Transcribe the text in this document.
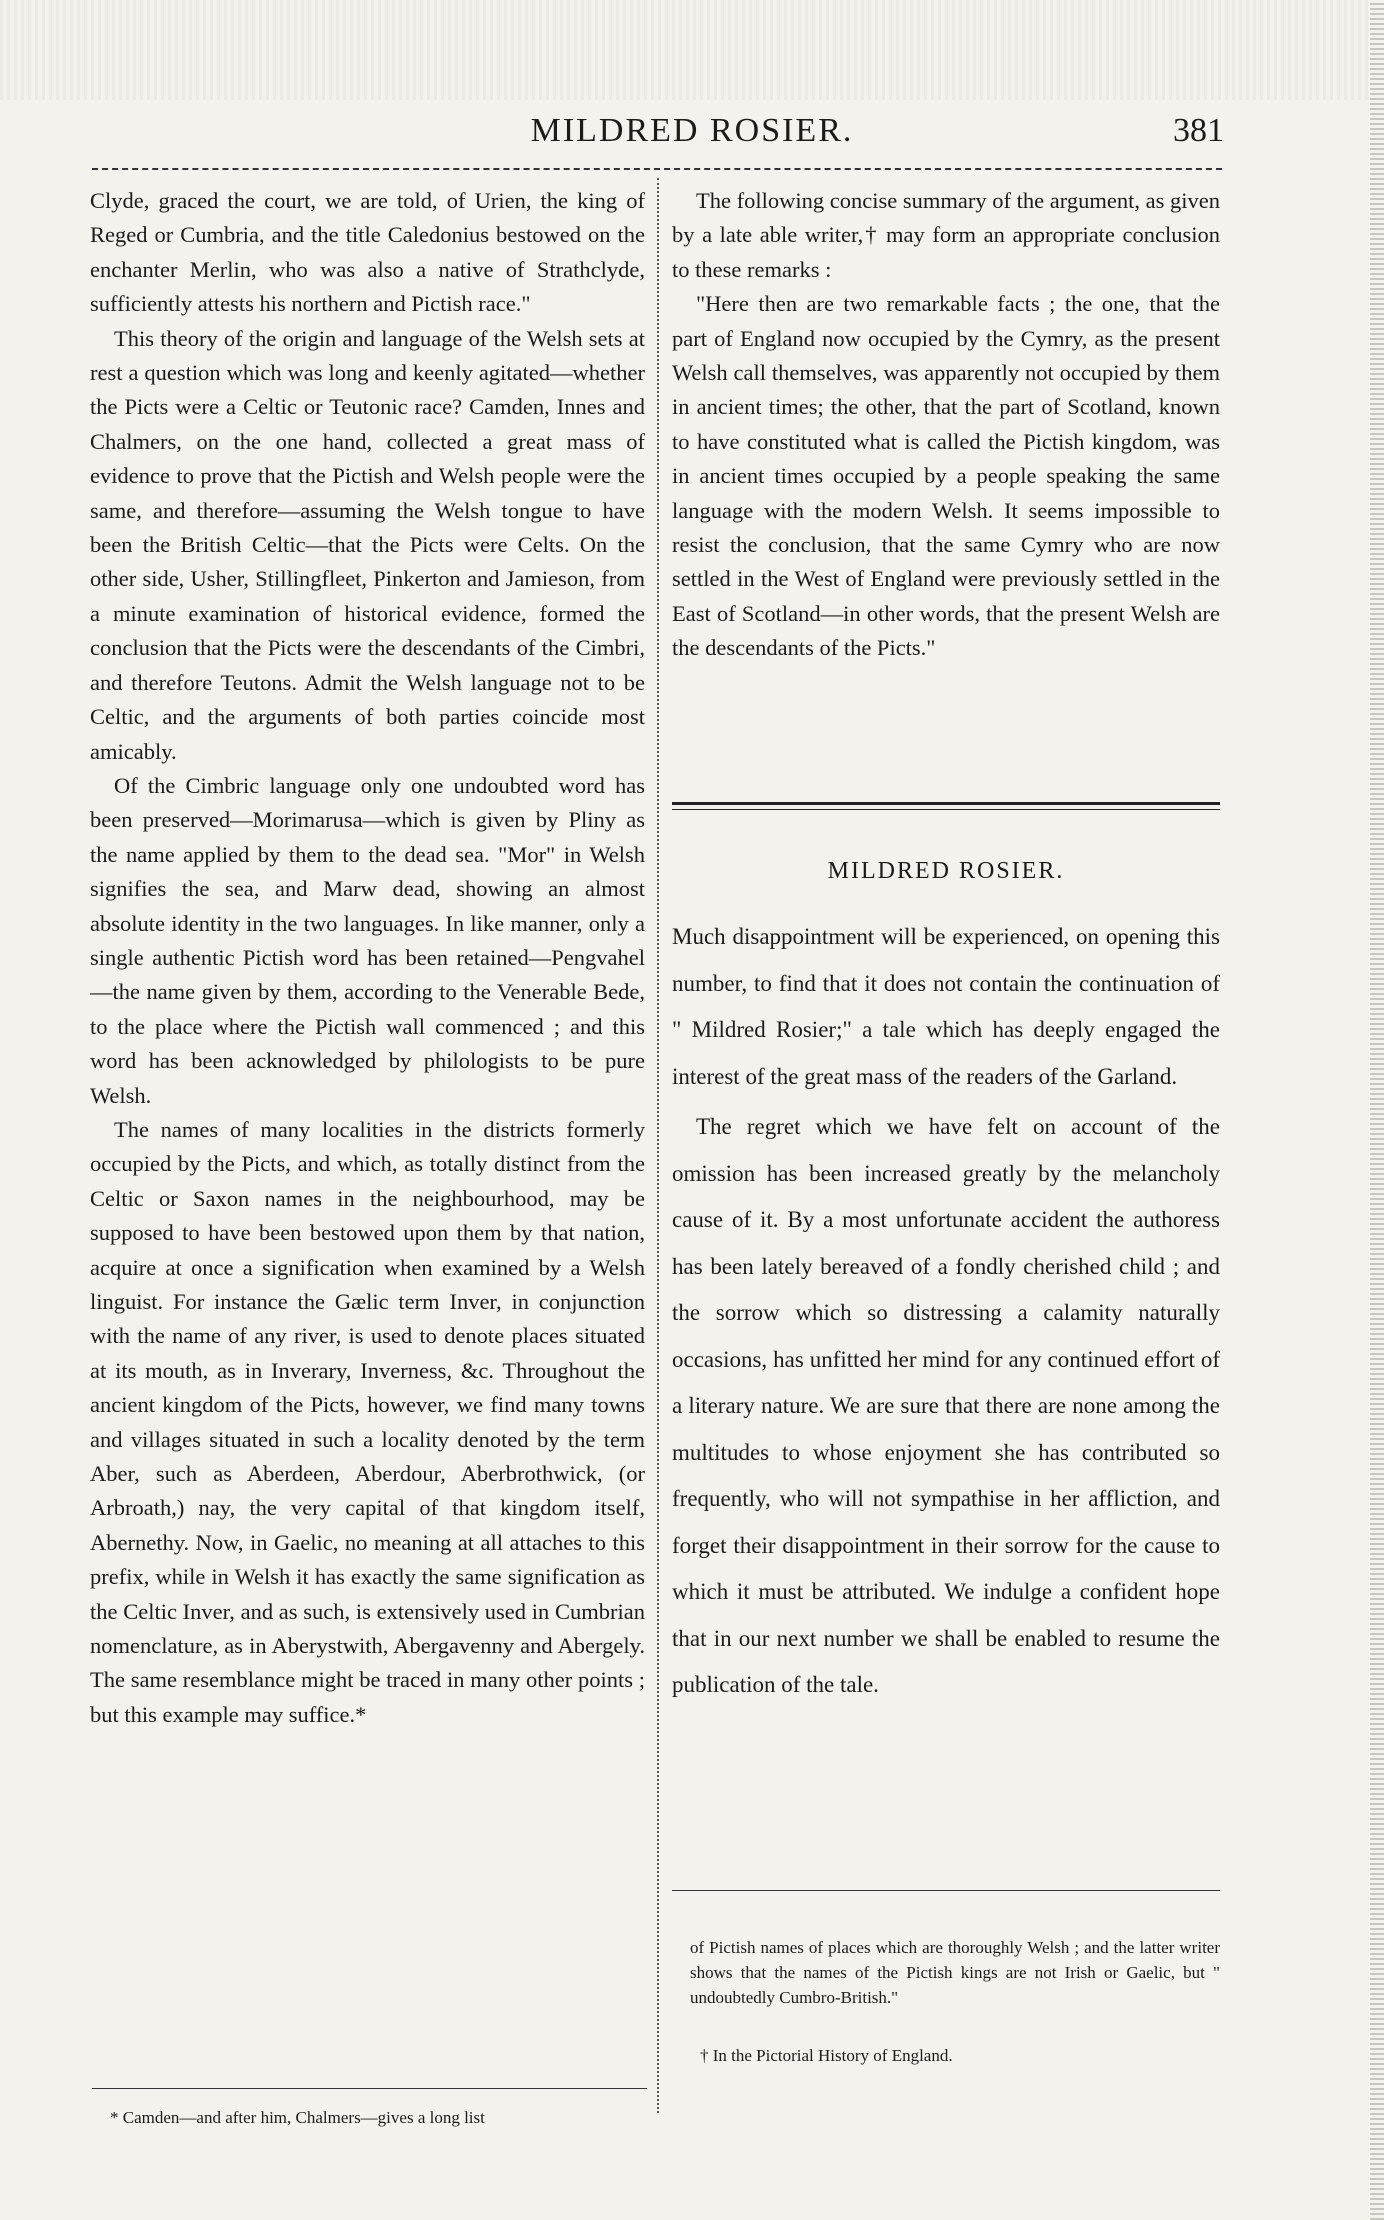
MILDRED ROSIER.	381

Clyde, graced the court, we are told, of Urien, the king of Reged or Cumbria, and the title Caledonius bestowed on the enchanter Merlin, who was also a native of Strathclyde, sufficiently attests his northern and Pictish race."

This theory of the origin and language of the Welsh sets at rest a question which was long and keenly agitated—whether the Picts were a Celtic or Teutonic race? Camden, Innes and Chalmers, on the one hand, collected a great mass of evidence to prove that the Pictish and Welsh people were the same, and therefore—assuming the Welsh tongue to have been the British Celtic—that the Picts were Celts. On the other side, Usher, Stillingfleet, Pinkerton and Jamieson, from a minute examination of historical evidence, formed the conclusion that the Picts were the descendants of the Cimbri, and therefore Teutons. Admit the Welsh language not to be Celtic, and the arguments of both parties coincide most amicably.

Of the Cimbric language only one undoubted word has been preserved—Morimarusa—which is given by Pliny as the name applied by them to the dead sea. "Mor" in Welsh signifies the sea, and Marw dead, showing an almost absolute identity in the two languages. In like manner, only a single authentic Pictish word has been retained—Pengvahel—the name given by them, according to the Venerable Bede, to the place where the Pictish wall commenced ; and this word has been acknowledged by philologists to be pure Welsh.

The names of many localities in the districts formerly occupied by the Picts, and which, as totally distinct from the Celtic or Saxon names in the neighbourhood, may be supposed to have been bestowed upon them by that nation, acquire at once a signification when examined by a Welsh linguist. For instance the Gælic term Inver, in conjunction with the name of any river, is used to denote places situated at its mouth, as in Inverary, Inverness, &c. Throughout the ancient kingdom of the Picts, however, we find many towns and villages situated in such a locality denoted by the term Aber, such as Aberdeen, Aberdour, Aberbrothwick, (or Arbroath,) nay, the very capital of that kingdom itself, Abernethy. Now, in Gaelic, no meaning at all attaches to this prefix, while in Welsh it has exactly the same signification as the Celtic Inver, and as such, is extensively used in Cumbrian nomenclature, as in Aberystwith, Abergavenny and Abergely. The same resemblance might be traced in many other points ; but this example may suffice.*

The following concise summary of the argument, as given by a late able writer,† may form an appropriate conclusion to these remarks :

"Here then are two remarkable facts ; the one, that the part of England now occupied by the Cymry, as the present Welsh call themselves, was apparently not occupied by them in ancient times; the other, that the part of Scotland, known to have constituted what is called the Pictish kingdom, was in ancient times occupied by a people speaking the same language with the modern Welsh. It seems impossible to resist the conclusion, that the same Cymry who are now settled in the West of England were previously settled in the East of Scotland—in other words, that the present Welsh are the descendants of the Picts."

MILDRED ROSIER.

Much disappointment will be experienced, on opening this number, to find that it does not contain the continuation of " Mildred Rosier;" a tale which has deeply engaged the interest of the great mass of the readers of the Garland.

The regret which we have felt on account of the omission has been increased greatly by the melancholy cause of it. By a most unfortunate accident the authoress has been lately bereaved of a fondly cherished child ; and the sorrow which so distressing a calamity naturally occasions, has unfitted her mind for any continued effort of a literary nature. We are sure that there are none among the multitudes to whose enjoyment she has contributed so frequently, who will not sympathise in her affliction, and forget their disappointment in their sorrow for the cause to which it must be attributed. We indulge a confident hope that in our next number we shall be enabled to resume the publication of the tale.

of Pictish names of places which are thoroughly Welsh ; and the latter writer shows that the names of the Pictish kings are not Irish or Gaelic, but " undoubtedly Cumbro-British."
† In the Pictorial History of England.
* Camden—and after him, Chalmers—gives a long list
